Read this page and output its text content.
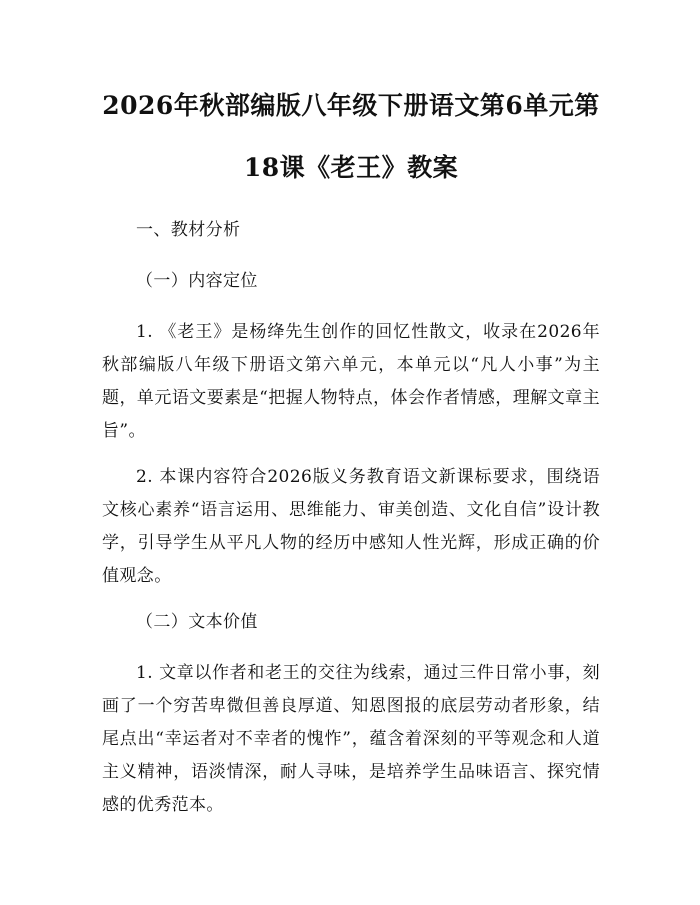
2026年秋部编版八年级下册语文第6单元第
18课《老王》教案

一、教材分析

（一）内容定位

1. 《老王》是杨绛先生创作的回忆性散文，收录在2026年秋部编版八年级下册语文第六单元，本单元以“凡人小事”为主题，单元语文要素是“把握人物特点，体会作者情感，理解文章主旨”。

2. 本课内容符合2026版义务教育语文新课标要求，围绕语文核心素养“语言运用、思维能力、审美创造、文化自信”设计教学，引导学生从平凡人物的经历中感知人性光辉，形成正确的价值观念。

（二）文本价值

1. 文章以作者和老王的交往为线索，通过三件日常小事，刻画了一个穷苦卑微但善良厚道、知恩图报的底层劳动者形象，结尾点出“幸运者对不幸者的愧怍”，蕴含着深刻的平等观念和人道主义精神，语淡情深，耐人寻味，是培养学生品味语言、探究情感的优秀范本。
